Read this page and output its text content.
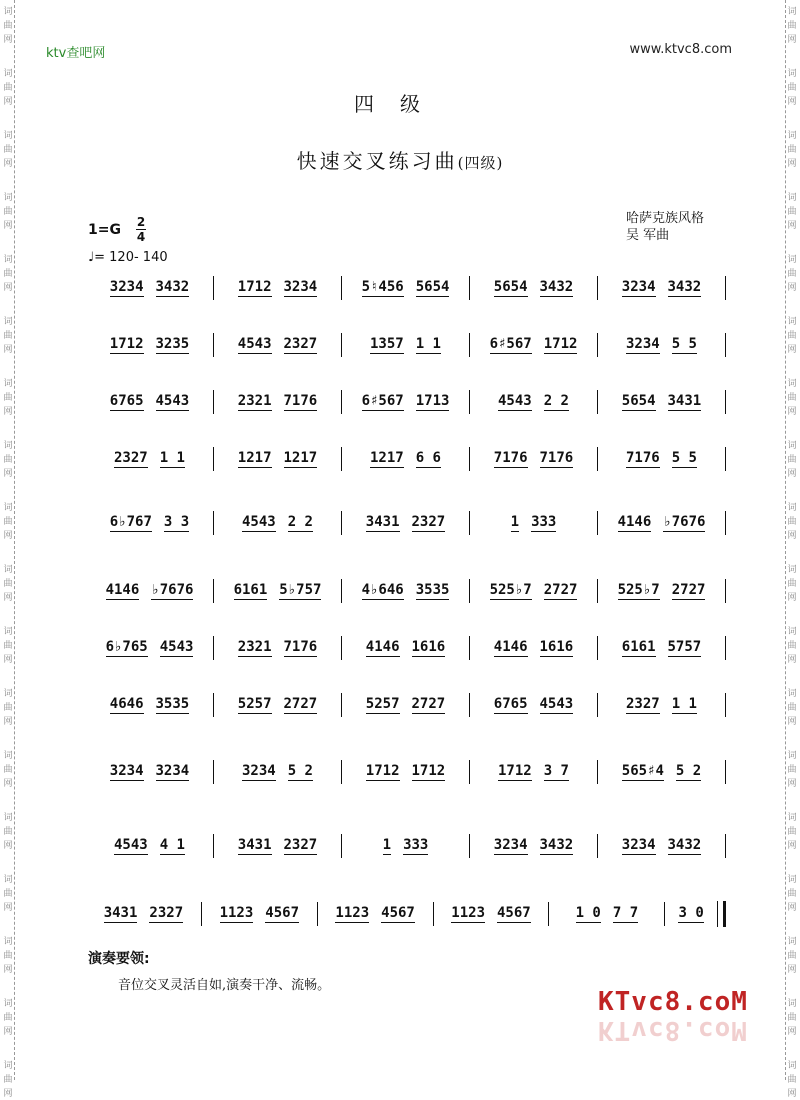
词
曲
网
词
曲
网
词
曲
网
词
曲
网
词
曲
网
词
曲
网
词
曲
网
词
曲
网
词
曲
网
词
曲
网
词
曲
网
词
曲
网
词
曲
网
词
曲
网
词
曲
网
词
曲
网
词
曲
网
词
曲
网
词
曲
网
词
曲
网
词
曲
网
词
曲
网
词
曲
网
词
曲
网
词
曲
网
词
曲
网
词
曲
网
词
曲
网
词
曲
网
词
曲
网
词
曲
网
词
曲
网
词
曲
网
词
曲
网
词
曲
网
词
曲
网
ktv查吧网	www.ktvc8.com
四级
快速交叉练习曲(四级)
哈萨克族风格
吴 军曲
1=G 2
4
♩= 120- 140
3234 3432	1712 3234	5♮456 5654	5654 3432	3234 3432
1712 3235	4543 2327	1357 1 1	6♯567 1712	3234 5 5
6765 4543	2321 7176	6♯567 1713	4543 2 2	5654 3431
2327 1 1	1217 1217	1217 6 6	7176 7176	7176 5 5
6♭767 3 3	4543 2 2	3431 2327	1 333	4146 ♭7676
4146 ♭7676	6161 5♭757	4♭646 3535	525♭7 2727	525♭7 2727
6♭765 4543	2321 7176	4146 1616	4146 1616	6161 5757
4646 3535	5257 2727	5257 2727	6765 4543	2327 1 1
3234 3234	3234 5 2	1712 1712	1712 3 7	565♯4 5 2
4543 4 1	3431 2327	1 333	3234 3432	3234 3432
3431 2327	1123 4567	1123 4567	1123 4567	1 0 7 7	3 0
演奏要领:
音位交叉灵活自如,演奏干净、流畅。
KTvc8.coM
KTvc8.coM
